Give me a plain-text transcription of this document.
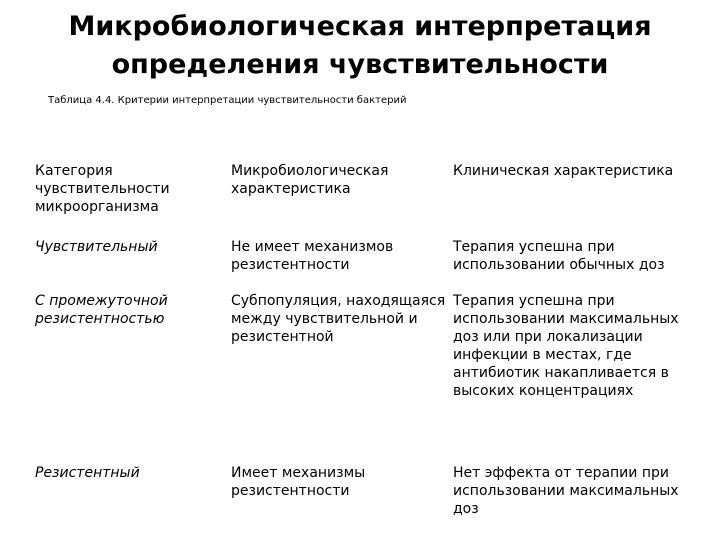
Микробиологическая интерпретация
определения чувствительности
Таблица 4.4. Критерии интерпретации чувствительности бактерий
Категория чувствительности микроорганизма
Микробиологическая характеристика
Клиническая характеристика
Чувствительный	Не имеет механизмов резистентности
Терапия успешна при использовании обычных доз
С промежуточной резистентностью
Субпопуляция, находящаяся между чувствительной и резистентной
Терапия успешна при использовании максимальных доз или при локализации инфекции в местах, где антибиотик накапливается в высоких концентрациях
Резистентный	Имеет механизмы резистентности
Нет эффекта от терапии при использовании максимальных доз
